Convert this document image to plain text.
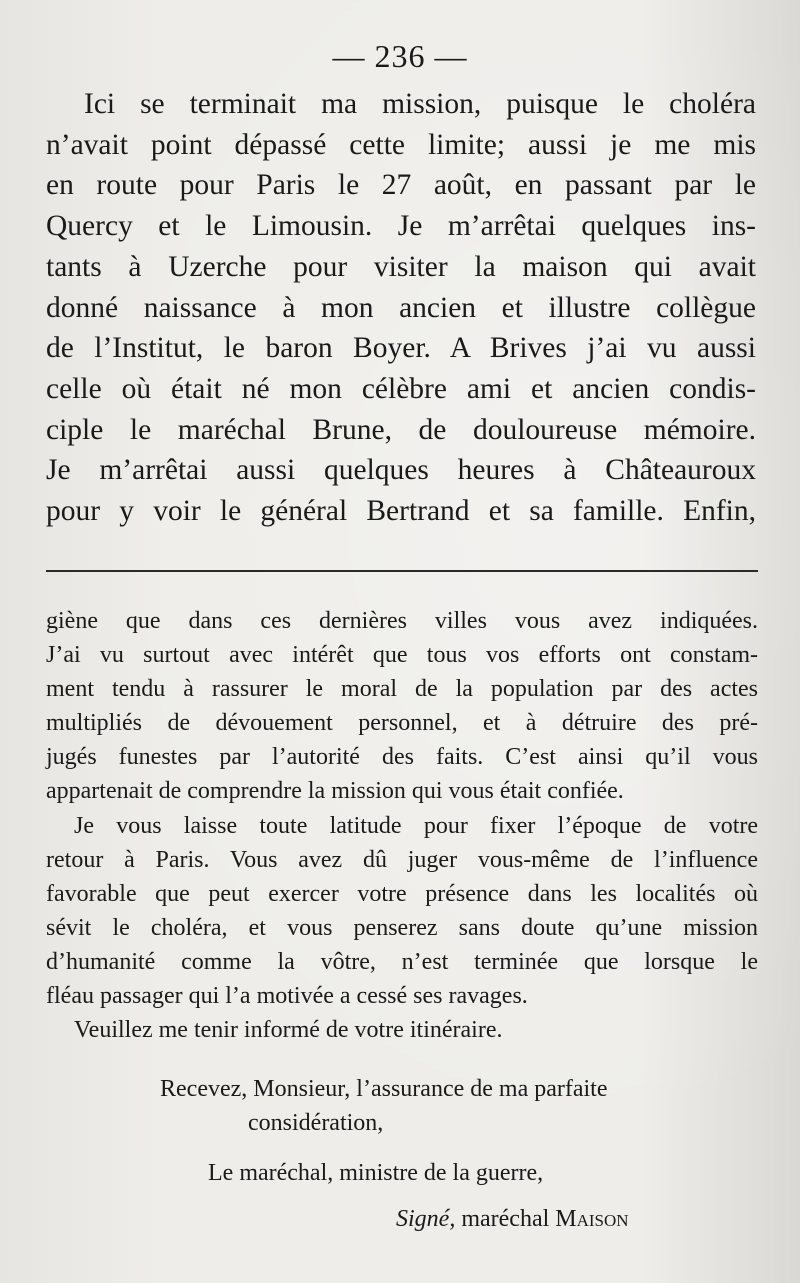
— 236 —
Ici se terminait ma mission, puisque le choléra
n’avait point dépassé cette limite; aussi je me mis
en route pour Paris le 27 août, en passant par le
Quercy et le Limousin. Je m’arrêtai quelques ins-
tants à Uzerche pour visiter la maison qui avait
donné naissance à mon ancien et illustre collègue
de l’Institut, le baron Boyer. A Brives j’ai vu aussi
celle où était né mon célèbre ami et ancien condis-
ciple le maréchal Brune, de douloureuse mémoire.
Je m’arrêtai aussi quelques heures à Châteauroux
pour y voir le général Bertrand et sa famille. Enfin,
giène que dans ces dernières villes vous avez indiquées.
J’ai vu surtout avec intérêt que tous vos efforts ont constam-
ment tendu à rassurer le moral de la population par des actes
multipliés de dévouement personnel, et à détruire des pré-
jugés funestes par l’autorité des faits. C’est ainsi qu’il vous
appartenait de comprendre la mission qui vous était confiée.
Je vous laisse toute latitude pour fixer l’époque de votre
retour à Paris. Vous avez dû juger vous-même de l’influence
favorable que peut exercer votre présence dans les localités où
sévit le choléra, et vous penserez sans doute qu’une mission
d’humanité comme la vôtre, n’est terminée que lorsque le
fléau passager qui l’a motivée a cessé ses ravages.
Veuillez me tenir informé de votre itinéraire.
Recevez, Monsieur, l’assurance de ma parfaite
considération,
Le maréchal, ministre de la guerre,
Signé, maréchal Maison
